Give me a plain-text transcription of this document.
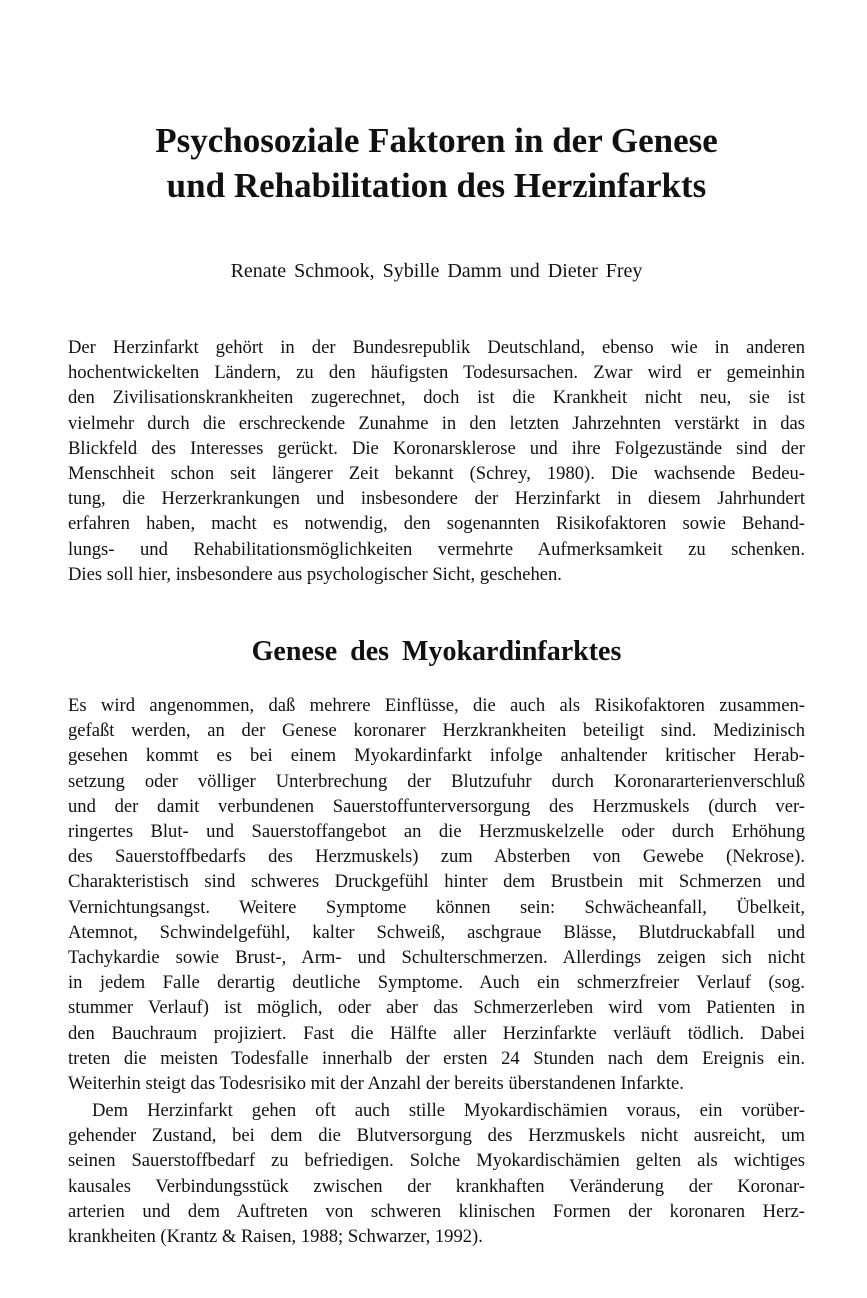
Psychosoziale Faktoren in der Genese
und Rehabilitation des Herzinfarkts

Renate Schmook, Sybille Damm und Dieter Frey

Der Herzinfarkt gehört in der Bundesrepublik Deutschland, ebenso wie in anderen
hochentwickelten Ländern, zu den häufigsten Todesursachen. Zwar wird er gemeinhin
den Zivilisationskrankheiten zugerechnet, doch ist die Krankheit nicht neu, sie ist
vielmehr durch die erschreckende Zunahme in den letzten Jahrzehnten verstärkt in das
Blickfeld des Interesses gerückt. Die Koronarsklerose und ihre Folgezustände sind der
Menschheit schon seit längerer Zeit bekannt (Schrey, 1980). Die wachsende Bedeu-
tung, die Herzerkrankungen und insbesondere der Herzinfarkt in diesem Jahrhundert
erfahren haben, macht es notwendig, den sogenannten Risikofaktoren sowie Behand-
lungs- und Rehabilitationsmöglichkeiten vermehrte Aufmerksamkeit zu schenken.
Dies soll hier, insbesondere aus psychologischer Sicht, geschehen.
Genese des Myokardinfarktes
Es wird angenommen, daß mehrere Einflüsse, die auch als Risikofaktoren zusammen-
gefaßt werden, an der Genese koronarer Herzkrankheiten beteiligt sind. Medizinisch
gesehen kommt es bei einem Myokardinfarkt infolge anhaltender kritischer Herab-
setzung oder völliger Unterbrechung der Blutzufuhr durch Koronararterienverschluß
und der damit verbundenen Sauerstoffunterversorgung des Herzmuskels (durch ver-
ringertes Blut- und Sauerstoffangebot an die Herzmuskelzelle oder durch Erhöhung
des Sauerstoffbedarfs des Herzmuskels) zum Absterben von Gewebe (Nekrose).
Charakteristisch sind schweres Druckgefühl hinter dem Brustbein mit Schmerzen und
Vernichtungsangst. Weitere Symptome können sein: Schwächeanfall, Übelkeit,
Atemnot, Schwindelgefühl, kalter Schweiß, aschgraue Blässe, Blutdruckabfall und
Tachykardie sowie Brust-, Arm- und Schulterschmerzen. Allerdings zeigen sich nicht
in jedem Falle derartig deutliche Symptome. Auch ein schmerzfreier Verlauf (sog.
stummer Verlauf) ist möglich, oder aber das Schmerzerleben wird vom Patienten in
den Bauchraum projiziert. Fast die Hälfte aller Herzinfarkte verläuft tödlich. Dabei
treten die meisten Todesfalle innerhalb der ersten 24 Stunden nach dem Ereignis ein.
Weiterhin steigt das Todesrisiko mit der Anzahl der bereits überstandenen Infarkte.
Dem Herzinfarkt gehen oft auch stille Myokardischämien voraus, ein vorüber-
gehender Zustand, bei dem die Blutversorgung des Herzmuskels nicht ausreicht, um
seinen Sauerstoffbedarf zu befriedigen. Solche Myokardischämien gelten als wichtiges
kausales Verbindungsstück zwischen der krankhaften Veränderung der Koronar-
arterien und dem Auftreten von schweren klinischen Formen der koronaren Herz-
krankheiten (Krantz & Raisen, 1988; Schwarzer, 1992).
